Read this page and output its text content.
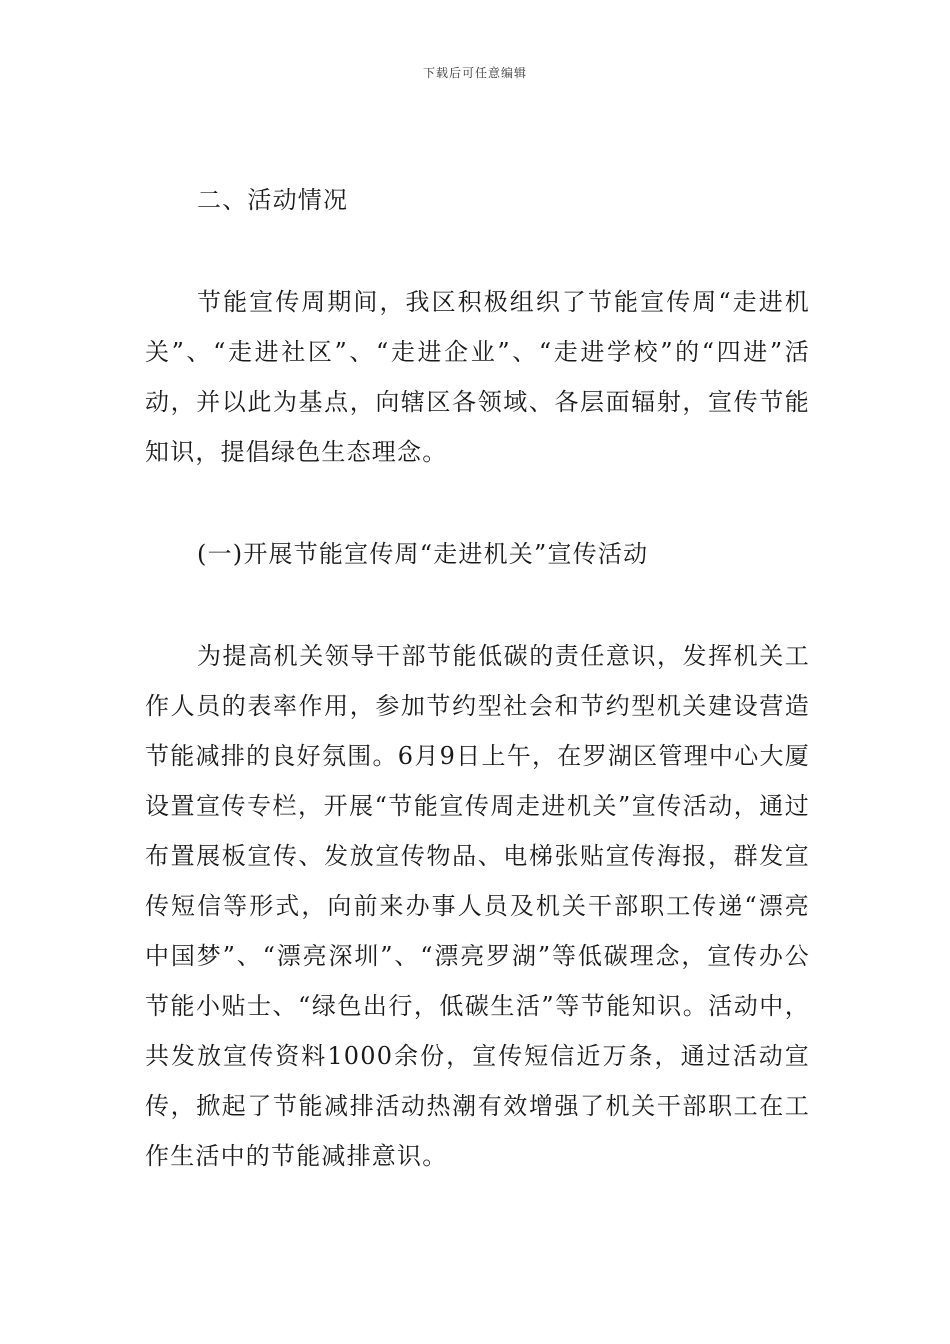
下载后可任意编辑
二、活动情况

节能宣传周期间，我区积极组织了节能宣传周“走进机关”、“走进社区”、“走进企业”、“走进学校”的“四进”活动，并以此为基点，向辖区各领域、各层面辐射，宣传节能知识，提倡绿色生态理念。

(一)开展节能宣传周“走进机关”宣传活动

为提高机关领导干部节能低碳的责任意识，发挥机关工作人员的表率作用，参加节约型社会和节约型机关建设营造节能减排的良好氛围。6月9日上午，在罗湖区管理中心大厦设置宣传专栏，开展“节能宣传周走进机关”宣传活动，通过布置展板宣传、发放宣传物品、电梯张贴宣传海报，群发宣传短信等形式，向前来办事人员及机关干部职工传递“漂亮中国梦”、“漂亮深圳”、“漂亮罗湖”等低碳理念，宣传办公节能小贴士、“绿色出行，低碳生活”等节能知识。活动中，共发放宣传资料1000余份，宣传短信近万条，通过活动宣传，掀起了节能减排活动热潮有效增强了机关干部职工在工作生活中的节能减排意识。
